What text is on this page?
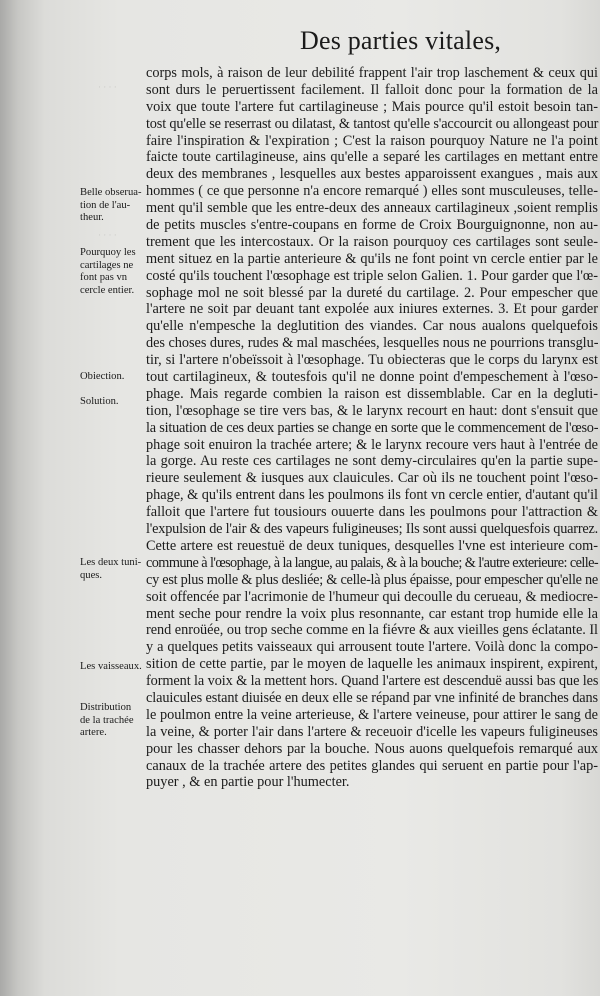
· · · ·
· · · ·
Des parties vitales,
corps mols, à raison de leur debilité frappent l'air trop laschement & ceux qui
sont durs le peruertissent facilement. Il falloit donc pour la formation de la
voix que toute l'artere fut cartilagineuse ; Mais pource qu'il estoit besoin tan-
tost qu'elle se reserrast ou dilatast, & tantost qu'elle s'accourcit ou allongeast pour
faire l'inspiration & l'expiration ; C'est la raison pourquoy Nature ne l'a point
faicte toute cartilagineuse, ains qu'elle a separé les cartilages en mettant entre
deux des membranes , lesquelles aux bestes apparoissent exangues , mais aux
hommes ( ce que personne n'a encore remarqué ) elles sont musculeuses, telle-
ment qu'il semble que les entre-deux des anneaux cartilagineux ,soient remplis
de petits muscles s'entre-coupans en forme de Croix Bourguignonne, non au-
trement que les intercostaux. Or la raison pourquoy ces cartilages sont seule-
ment situez en la partie anterieure & qu'ils ne font point vn cercle entier par le
costé qu'ils touchent l'œsophage est triple selon Galien. 1. Pour garder que l'œ-
sophage mol ne soit blessé par la dureté du cartilage. 2. Pour empescher que
l'artere ne soit par deuant tant expolée aux iniures externes. 3. Et pour garder
qu'elle n'empesche la deglutition des viandes. Car nous aualons quelquefois
des choses dures, rudes & mal maschées, lesquelles nous ne pourrions transglu-
tir, si l'artere n'obeïssoit à l'œsophage. Tu obiecteras que le corps du larynx est
tout cartilagineux, & toutesfois qu'il ne donne point d'empeschement à l'œso-
phage. Mais regarde combien la raison est dissemblable. Car en la degluti-
tion, l'œsophage se tire vers bas, & le larynx recourt en haut: dont s'ensuit que
la situation de ces deux parties se change en sorte que le commencement de l'œso-
phage soit enuiron la trachée artere; & le larynx recoure vers haut à l'entrée de
la gorge. Au reste ces cartilages ne sont demy-circulaires qu'en la partie supe-
rieure seulement & iusques aux clauicules. Car où ils ne touchent point l'œso-
phage, & qu'ils entrent dans les poulmons ils font vn cercle entier, d'autant qu'il
falloit que l'artere fut tousiours ouuerte dans les poulmons pour l'attraction &
l'expulsion de l'air & des vapeurs fuligineuses; Ils sont aussi quelquesfois quarrez.
Cette artere est reuestuë de deux tuniques, desquelles l'vne est interieure com-
commune à l'œsophage, à la langue, au palais, & à la bouche; & l'autre exterieure: celle-
cy est plus molle & plus desliée; & celle-là plus épaisse, pour empescher qu'elle ne
soit offencée par l'acrimonie de l'humeur qui decoulle du cerueau, & mediocre-
ment seche pour rendre la voix plus resonnante, car estant trop humide elle la
rend enroüée, ou trop seche comme en la fiévre & aux vieilles gens éclatante. Il
y a quelques petits vaisseaux qui arrousent toute l'artere. Voilà donc la compo-
sition de cette partie, par le moyen de laquelle les animaux inspirent, expirent,
forment la voix & la mettent hors. Quand l'artere est descenduë aussi bas que les
clauicules estant diuisée en deux elle se répand par vne infinité de branches dans
le poulmon entre la veine arterieuse, & l'artere veineuse, pour attirer le sang de
la veine, & porter l'air dans l'artere & receuoir d'icelle les vapeurs fuligineuses
pour les chasser dehors par la bouche. Nous auons quelquefois remarqué aux
canaux de la trachée artere des petites glandes qui seruent en partie pour l'ap-
puyer , & en partie pour l'humecter.
Belle obserua-
tion de l'au-
theur.
Pourquoy les
cartilages ne
font pas vn
cercle entier.
Obiection.
Solution.
Les deux tuni-
ques.
Les vaisseaux.
Distribution
de la trachée
artere.
